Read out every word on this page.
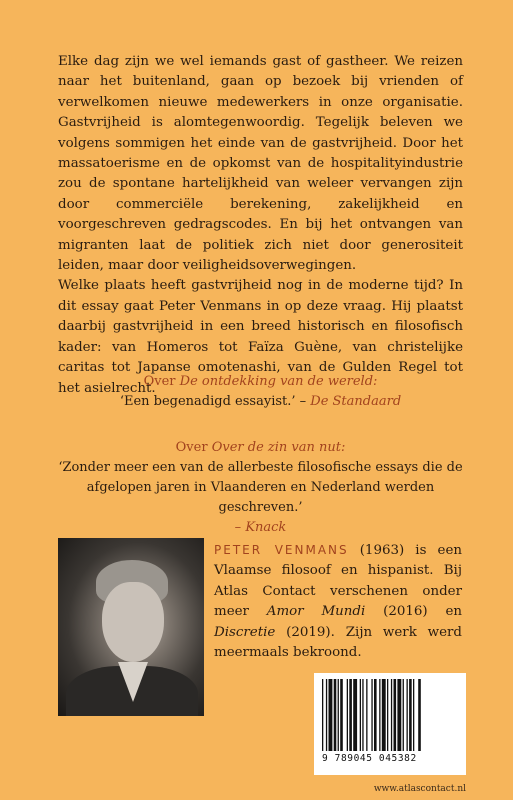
Elke dag zijn we wel iemands gast of gastheer. We reizen naar het buitenland, gaan op bezoek bij vrienden of verwelkomen nieuwe medewerkers in onze organisatie. Gastvrijheid is alomtegenwoordig. Tegelijk beleven we volgens sommigen het einde van de gastvrijheid. Door het massatoerisme en de opkomst van de hospitalityindustrie zou de spontane hartelijkheid van weleer vervangen zijn door commerciële berekening, zakelijkheid en voorgeschreven gedragscodes. En bij het ontvangen van migranten laat de politiek zich niet door generositeit leiden, maar door veiligheidsoverwegingen.

Welke plaats heeft gastvrijheid nog in de moderne tijd? In dit essay gaat Peter Venmans in op deze vraag. Hij plaatst daarbij gastvrijheid in een breed historisch en filosofisch kader: van Homeros tot Faïza Guène, van christelijke caritas tot Japanse omotenashi, van de Gulden Regel tot het asielrecht.

Over De ontdekking van de wereld:
‘Een begenadigd essayist.’ – De Standaard
Over Over de zin van nut:
‘Zonder meer een van de allerbeste filosofische essays die de afgelopen jaren in Vlaanderen en Nederland werden geschreven.’
– Knack
PETER VENMANS (1963) is een Vlaamse filosoof en hispanist. Bij Atlas Contact verschenen onder meer Amor Mundi (2016) en Discretie (2019). Zijn werk werd meermaals bekroond.
9 789045 045382
www.atlascontact.nl
